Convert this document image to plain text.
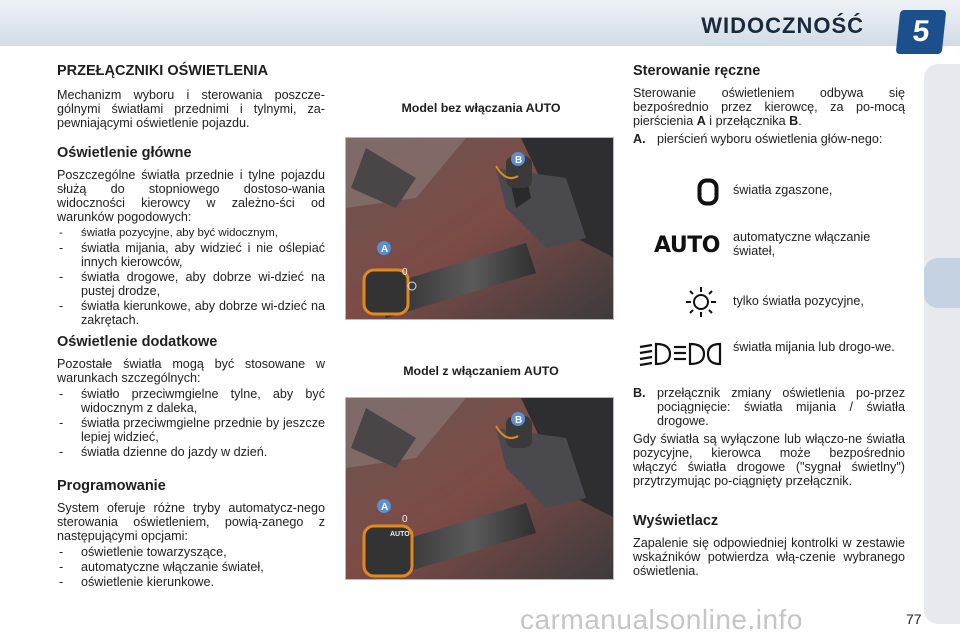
WIDOCZNOŚĆ	5
PRZEŁĄCZNIKI OŚWIETLENIA

Mechanizm wyboru i sterowania poszcze-gólnymi światłami przednimi i tylnymi, za-pewniającymi oświetlenie pojazdu.

Oświetlenie główne

Poszczególne światła przednie i tylne pojazdu służą do stopniowego dostoso-wania widoczności kierowcy w zależno-ści od warunków pogodowych:

- światła pozycyjne, aby być widocznym,
- światła mijania, aby widzieć i nie oślepiać innych kierowców,
- światła drogowe, aby dobrze wi-dzieć na pustej drodze,
- światła kierunkowe, aby dobrze wi-dzieć na zakrętach.
Oświetlenie dodatkowe

Pozostałe światła mogą być stosowane w warunkach szczególnych:

- światło przeciwmgielne tylne, aby być widocznym z daleka,
- światła przeciwmgielne przednie by jeszcze lepiej widzieć,
- światła dzienne do jazdy w dzień.
Programowanie

System oferuje różne tryby automatycz-nego sterowania oświetleniem, powią-zanego z następującymi opcjami:

- oświetlenie towarzyszące,
- automatyczne włączanie świateł,
- oświetlenie kierunkowe.
Model bez włączania AUTO
0
A
B
Model z włączaniem AUTO
0
AUTO
A
B
Sterowanie ręczne

Sterowanie oświetleniem odbywa się bezpośrednio przez kierowcę, za po-mocą pierścienia A i przełącznika B.

A. pierścień wyboru oświetlenia głów-nego:
światła zgaszone,
AUTO automatyczne włączanie świateł,
tylko światła pozycyjne,
światła mijania lub drogo-we.
B. przełącznik zmiany oświetlenia po-przez pociągnięcie: światła mijania / światła drogowe.

Gdy światła są wyłączone lub włączo-ne światła pozycyjne, kierowca może bezpośrednio włączyć światła drogowe ("sygnał świetlny") przytrzymując po-ciągnięty przełącznik.

Wyświetlacz

Zapalenie się odpowiedniej kontrolki w zestawie wskaźników potwierdza włą-czenie wybranego oświetlenia.

carmanualsonline.info	77
